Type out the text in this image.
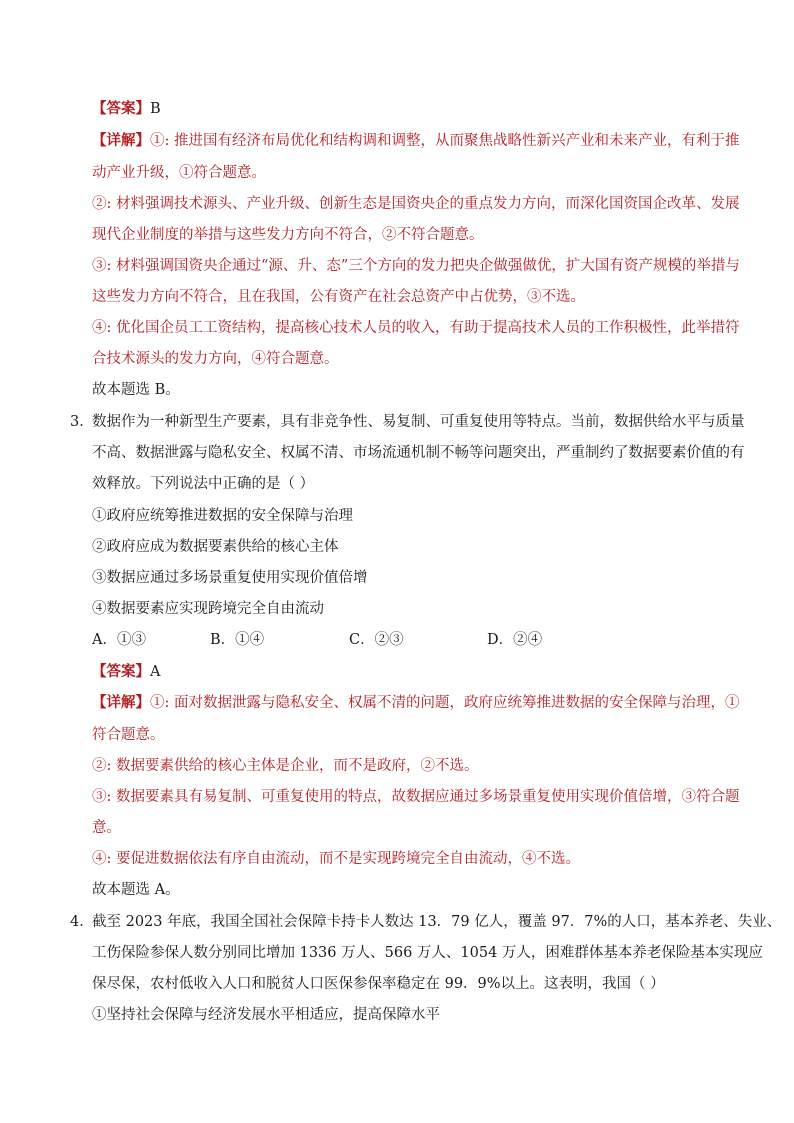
【答案】B
【详解】①: 推进国有经济布局优化和结构调和调整，从而聚焦战略性新兴产业和未来产业，有利于推
动产业升级，①符合题意。
②: 材料强调技术源头、产业升级、创新生态是国资央企的重点发力方向，而深化国资国企改革、发展
现代企业制度的举措与这些发力方向不符合，②不符合题意。
③: 材料强调国资央企通过“源、升、态”三个方向的发力把央企做强做优，扩大国有资产规模的举措与
这些发力方向不符合，且在我国，公有资产在社会总资产中占优势，③不选。
④: 优化国企员工工资结构，提高核心技术人员的收入，有助于提高技术人员的工作积极性，此举措符
合技术源头的发力方向，④符合题意。
故本题选 B。
3．
数据作为一种新型生产要素，具有非竞争性、易复制、可重复使用等特点。当前，数据供给水平与质量
不高、数据泄露与隐私安全、权属不清、市场流通机制不畅等问题突出，严重制约了数据要素价值的有
效释放。下列说法中正确的是（ ）
①政府应统筹推进数据的安全保障与治理
②政府应成为数据要素供给的核心主体
③数据应通过多场景重复使用实现价值倍增
④数据要素应实现跨境完全自由流动
A．①③	B．①④	C．②③	D．②④
【答案】A
【详解】①: 面对数据泄露与隐私安全、权属不清的问题，政府应统筹推进数据的安全保障与治理，①
符合题意。
②: 数据要素供给的核心主体是企业，而不是政府，②不选。
③: 数据要素具有易复制、可重复使用的特点，故数据应通过多场景重复使用实现价值倍增，③符合题
意。
④: 要促进数据依法有序自由流动，而不是实现跨境完全自由流动，④不选。
故本题选 A。
4．
截至 2023 年底，我国全国社会保障卡持卡人数达 13．79 亿人，覆盖 97．7%的人口，基本养老、失业、
工伤保险参保人数分别同比增加 1336 万人、566 万人、1054 万人，困难群体基本养老保险基本实现应
保尽保，农村低收入人口和脱贫人口医保参保率稳定在 99．9%以上。这表明，我国（ ）
①坚持社会保障与经济发展水平相适应，提高保障水平
